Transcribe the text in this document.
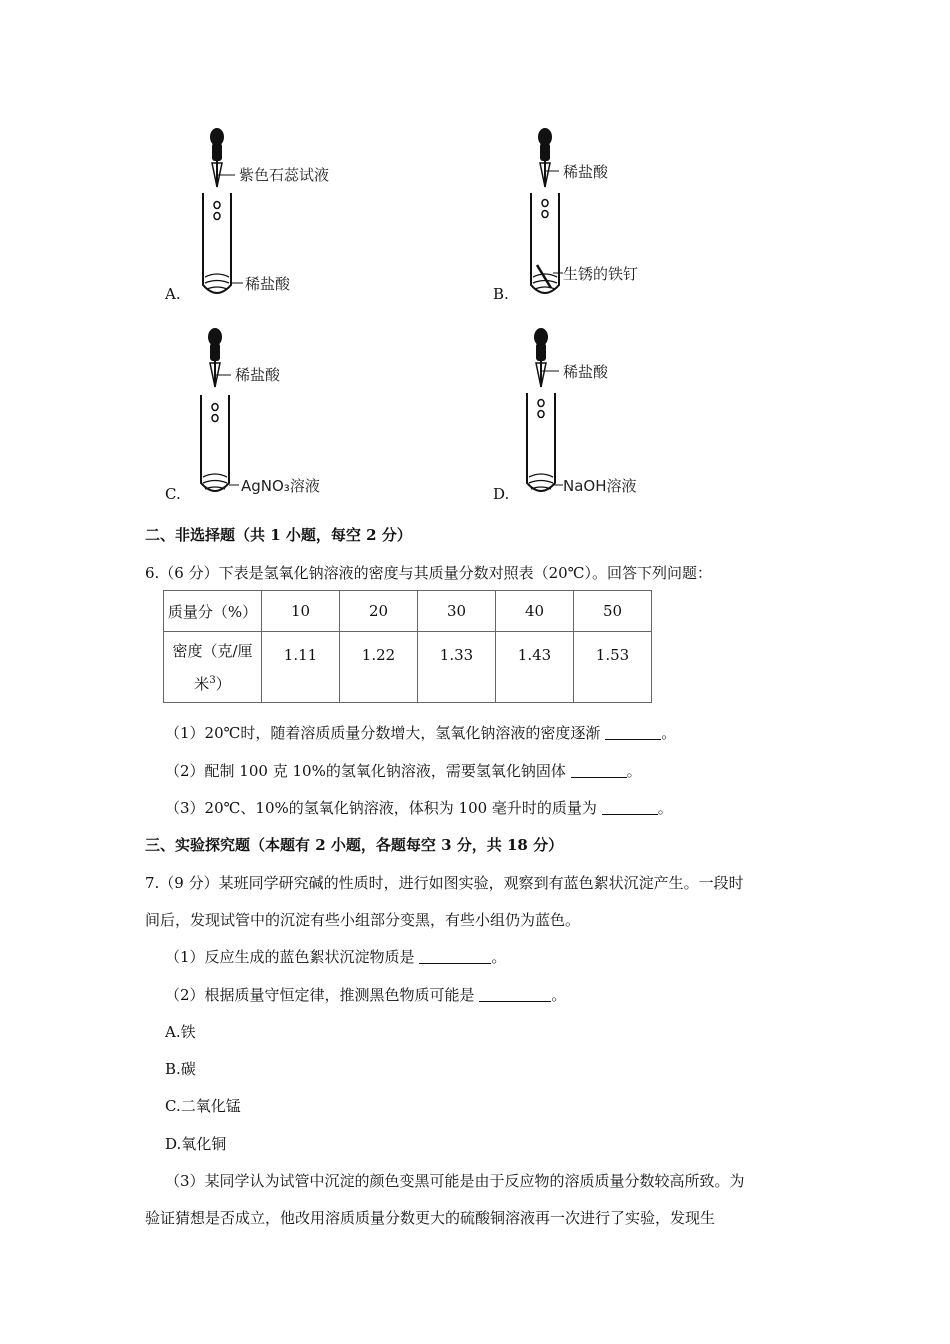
紫色石蕊试液
稀盐酸
A.
稀盐酸
生锈的铁钉
B.
稀盐酸
AgNO₃溶液
C.
稀盐酸
NaOH溶液
D.
二、非选择题（共 1 小题，每空 2 分）
6.（6 分）下表是氢氧化钠溶液的密度与其质量分数对照表（20℃）。回答下列问题：
质量分（%）	10	20	30	40	50
密度（克/厘
米$^3$）	1.11	1.22	1.33	1.43	1.53
（1）20℃时，随着溶质质量分数增大，氢氧化钠溶液的密度逐渐	。
（2）配制 100 克 10%的氢氧化钠溶液，需要氢氧化钠固体	。
（3）20℃、10%的氢氧化钠溶液，体积为 100 毫升时的质量为	。
三、实验探究题（本题有 2 小题，各题每空 3 分，共 18 分）
7.（9 分）某班同学研究碱的性质时，进行如图实验，观察到有蓝色絮状沉淀产生。一段时
间后，发现试管中的沉淀有些小组部分变黑，有些小组仍为蓝色。
（1）反应生成的蓝色絮状沉淀物质是	。
（2）根据质量守恒定律，推测黑色物质可能是	。
A.铁
B.碳
C.二氧化锰
D.氧化铜
（3）某同学认为试管中沉淀的颜色变黑可能是由于反应物的溶质质量分数较高所致。为
验证猜想是否成立，他改用溶质质量分数更大的硫酸铜溶液再一次进行了实验，发现生
